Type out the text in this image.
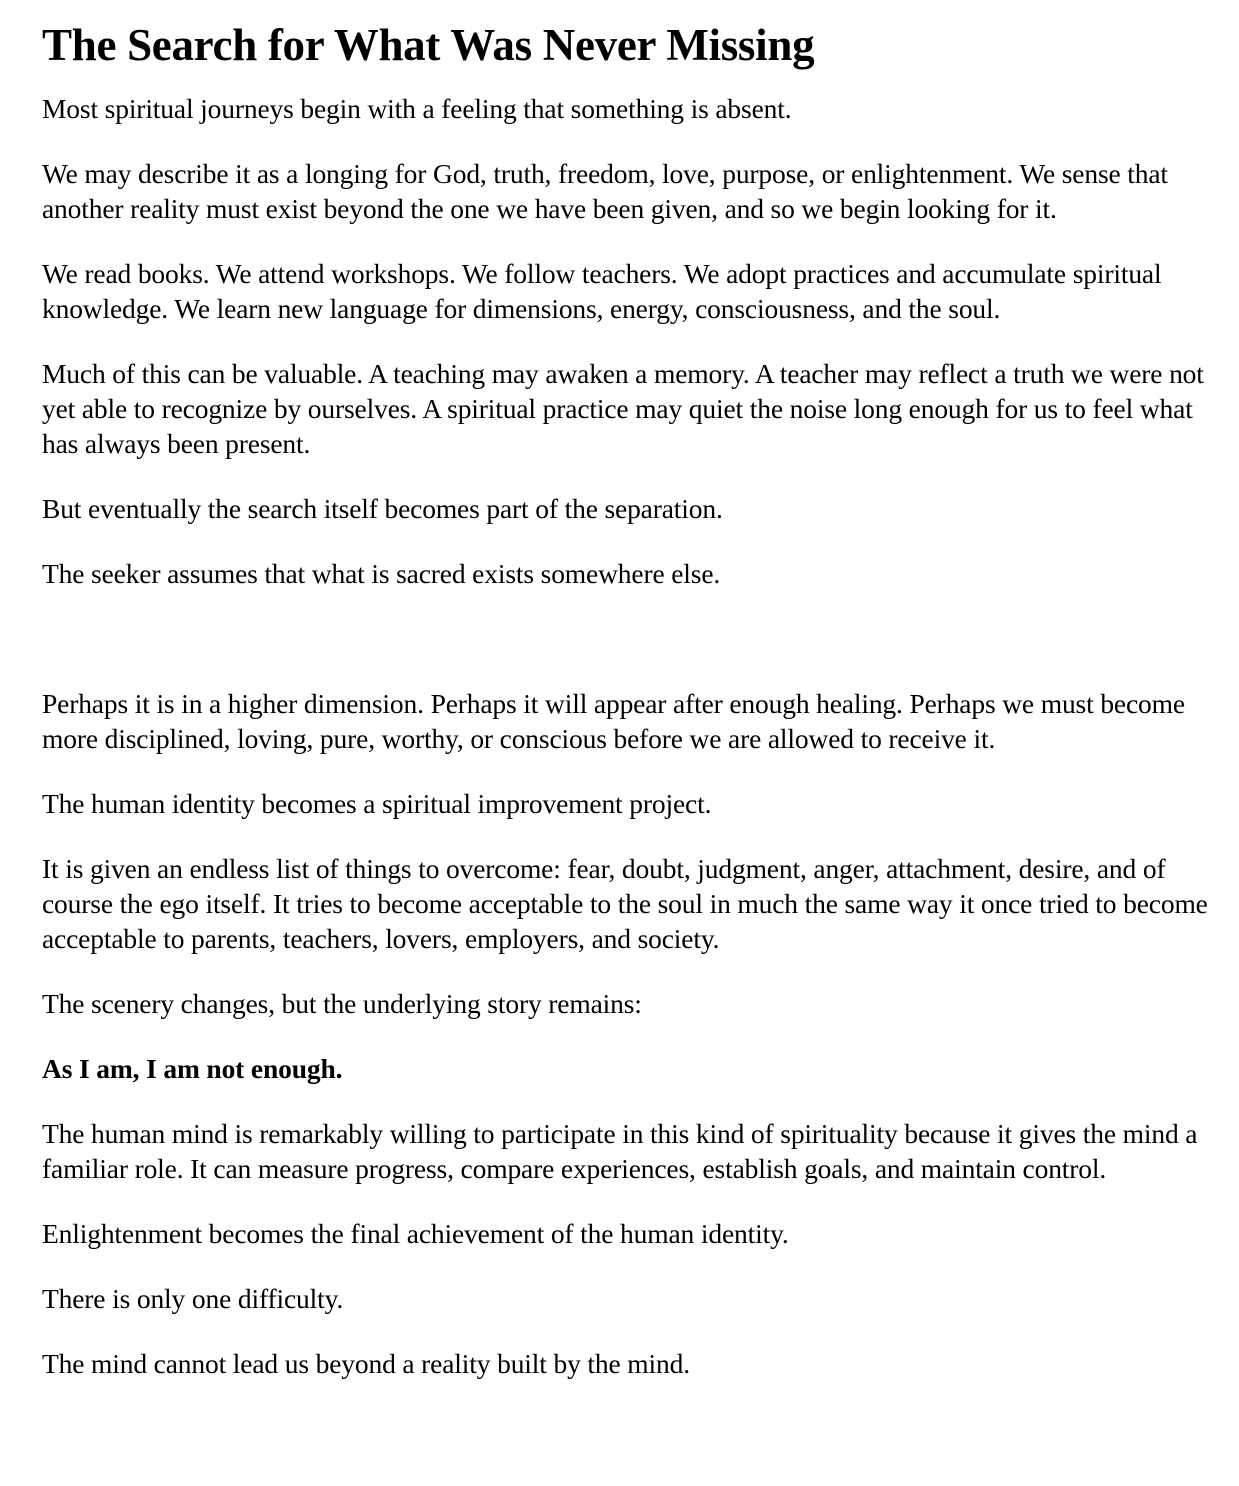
The Search for What Was Never Missing

Most spiritual journeys begin with a feeling that something is absent.

We may describe it as a longing for God, truth, freedom, love, purpose, or enlightenment. We sense that another reality must exist beyond the one we have been given, and so we begin looking for it.

We read books. We attend workshops. We follow teachers. We adopt practices and accumulate spiritual knowledge. We learn new language for dimensions, energy, consciousness, and the soul.

Much of this can be valuable. A teaching may awaken a memory. A teacher may reflect a truth we were not yet able to recognize by ourselves. A spiritual practice may quiet the noise long enough for us to feel what has always been present.

But eventually the search itself becomes part of the separation.

The seeker assumes that what is sacred exists somewhere else.

Perhaps it is in a higher dimension. Perhaps it will appear after enough healing. Perhaps we must become more disciplined, loving, pure, worthy, or conscious before we are allowed to receive it.

The human identity becomes a spiritual improvement project.

It is given an endless list of things to overcome: fear, doubt, judgment, anger, attachment, desire, and of course the ego itself. It tries to become acceptable to the soul in much the same way it once tried to become acceptable to parents, teachers, lovers, employers, and society.

The scenery changes, but the underlying story remains:

As I am, I am not enough.

The human mind is remarkably willing to participate in this kind of spirituality because it gives the mind a familiar role. It can measure progress, compare experiences, establish goals, and maintain control.

Enlightenment becomes the final achievement of the human identity.

There is only one difficulty.

The mind cannot lead us beyond a reality built by the mind.
